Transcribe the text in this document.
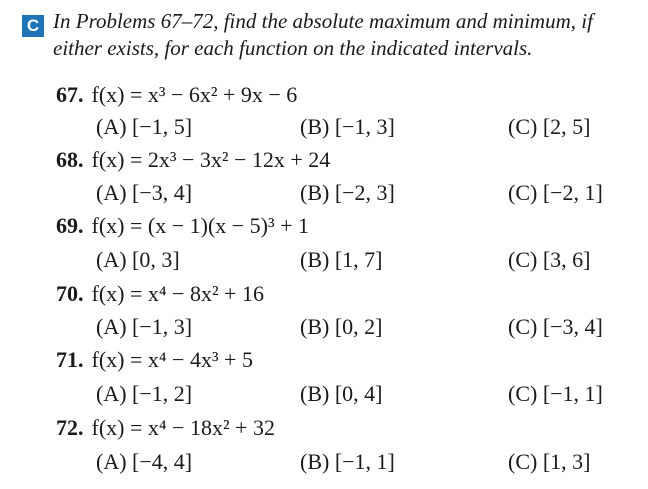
C In Problems 67–72, find the absolute maximum and minimum, if
either exists, for each function on the indicated intervals.
67. f(x) = x³ − 6x² + 9x − 6
(A) [−1, 5]	(B) [−1, 3]	(C) [2, 5]
68. f(x) = 2x³ − 3x² − 12x + 24
(A) [−3, 4]	(B) [−2, 3]	(C) [−2, 1]
69. f(x) = (x − 1)(x − 5)³ + 1
(A) [0, 3]	(B) [1, 7]	(C) [3, 6]
70. f(x) = x⁴ − 8x² + 16
(A) [−1, 3]	(B) [0, 2]	(C) [−3, 4]
71. f(x) = x⁴ − 4x³ + 5
(A) [−1, 2]	(B) [0, 4]	(C) [−1, 1]
72. f(x) = x⁴ − 18x² + 32
(A) [−4, 4]	(B) [−1, 1]	(C) [1, 3]
